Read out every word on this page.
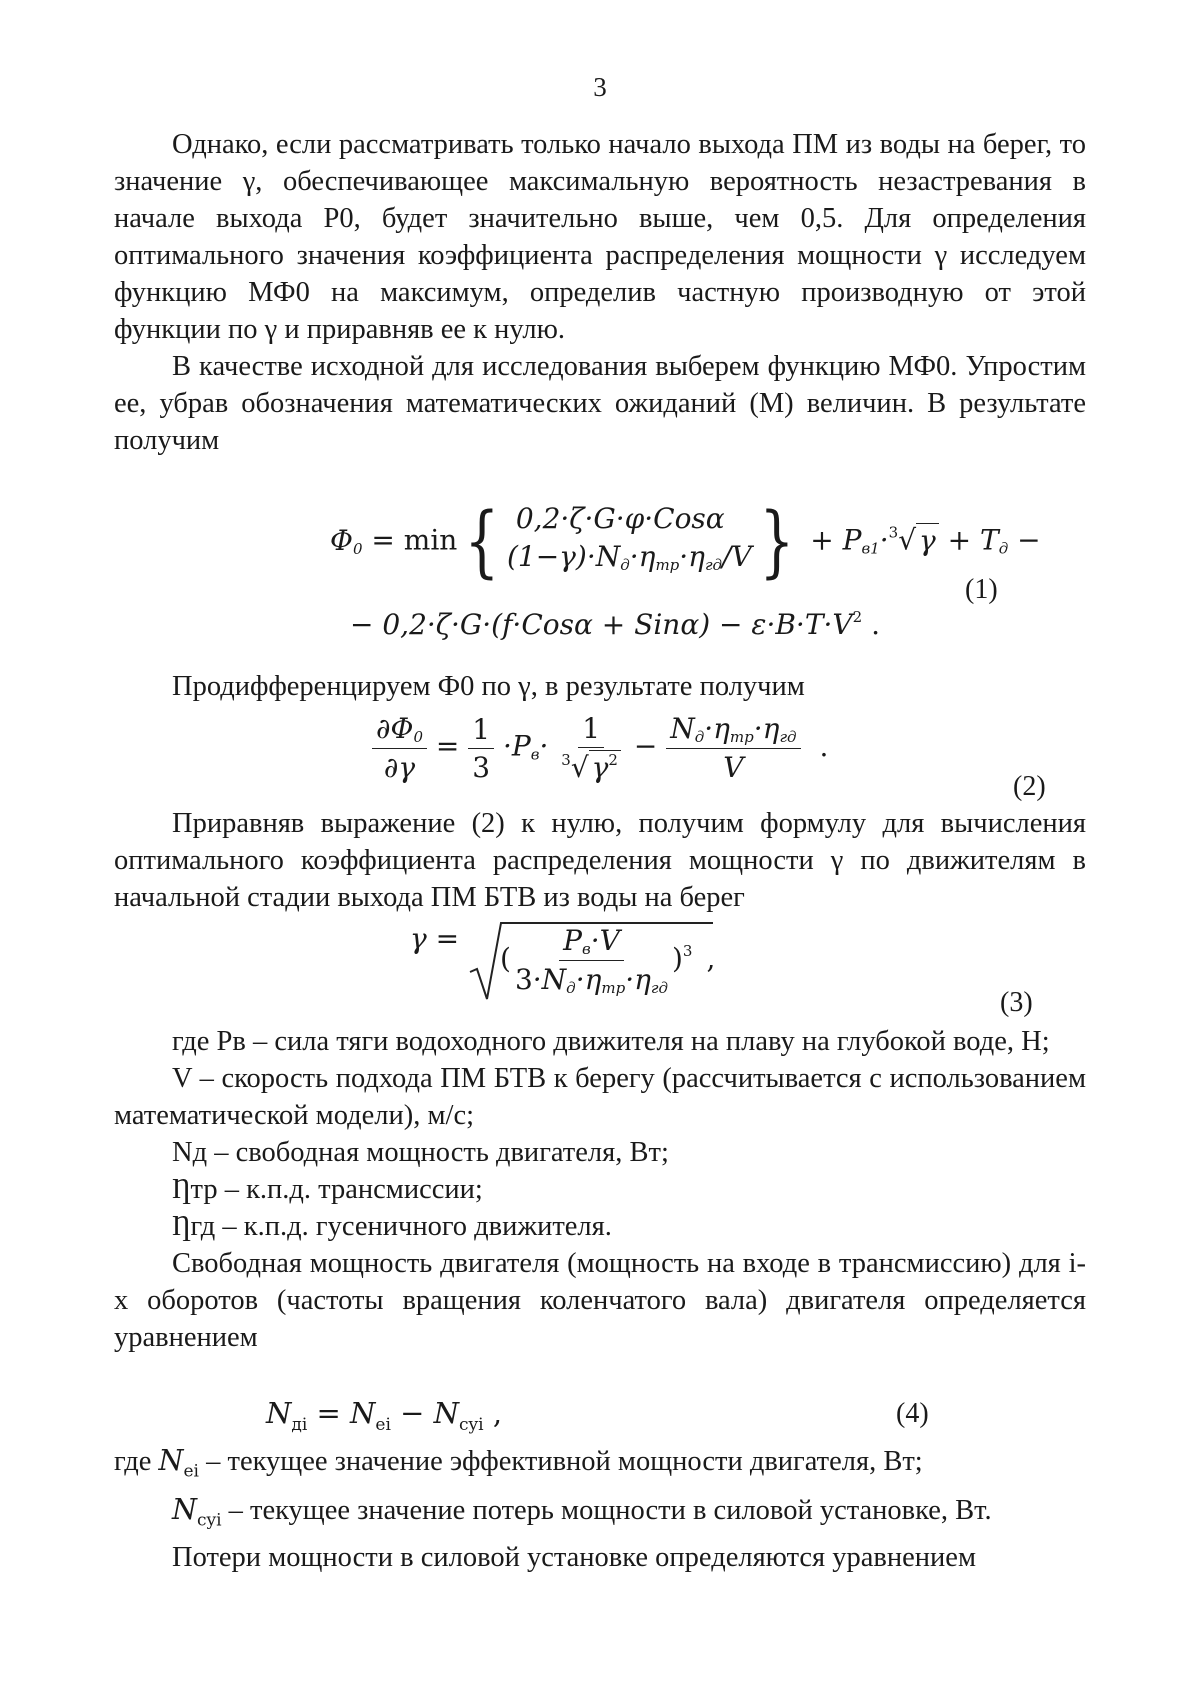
3

Однако, если рассматривать только начало выхода ПМ из воды на берег, то значение γ, обеспечивающее максимальную вероятность незастревания в начале выхода Р0, будет значительно выше, чем 0,5. Для определения оптимального значения коэффициента распределения мощности γ исследуем функцию МФ0 на максимум, определив частную производную от этой функции по γ и приравняв ее к нулю.

В качестве исходной для исследования выберем функцию МФ0. Упростим ее, убрав обозначения математических ожиданий (М) величин. В результате получим

$\Phi_0 = \min${ 0,2·ζ·G·φ·Cosα
$(1-\gamma)\cdot N_д\cdot\eta_{тр}\cdot\eta_{гд}/V$ } + $P_{в1}\cdot^3√$ $\gamma + T_д$ −
− $0,2\cdot\zeta\cdot G\cdot(f\cdot Cos\alpha + Sin\alpha) - \varepsilon\cdot B\cdot T\cdot V^2$ .
(1)

Продифференцируем Ф0 по γ, в результате получим

$\frac{\partial\Phi_0}{\partial\gamma} = \frac{1}{3} \cdot P_в\cdot \frac{1}{^3√ \gamma^2} - \frac{N_д\cdot\eta_{тр}\cdot\eta_{гд}}{V}$ .
(2)

Приравняв выражение (2) к нулю, получим формулу для вычисления оптимального коэффициента распределения мощности γ по движителям в начальной стадии выхода ПМ БТВ из воды на берег

γ =
( $\frac{P_в\cdot V}{3\cdot N_д\cdot\eta_{тр}\cdot\eta_{гд}} )^3$ ,
(3)

где Рв – сила тяги водоходного движителя на плаву на глубокой воде, Н;

V – скорость подхода ПМ БТВ к берегу (рассчитывается с использованием математической модели), м/с;

Nд – свободная мощность двигателя, Вт;

Ƞтр – к.п.д. трансмиссии;

Ƞгд – к.п.д. гусеничного движителя.

Свободная мощность двигателя (мощность на входе в трансмиссию) для i-х оборотов (частоты вращения коленчатого вала) двигателя определяется уравнением

$N_{дi} = N_{ei} - N_{cyi}$ ,	(4)

где $N_{ei}$ – текущее значение эффективной мощности двигателя, Вт;

$N_{cyi}$ – текущее значение потерь мощности в силовой установке, Вт.

Потери мощности в силовой установке определяются уравнением
